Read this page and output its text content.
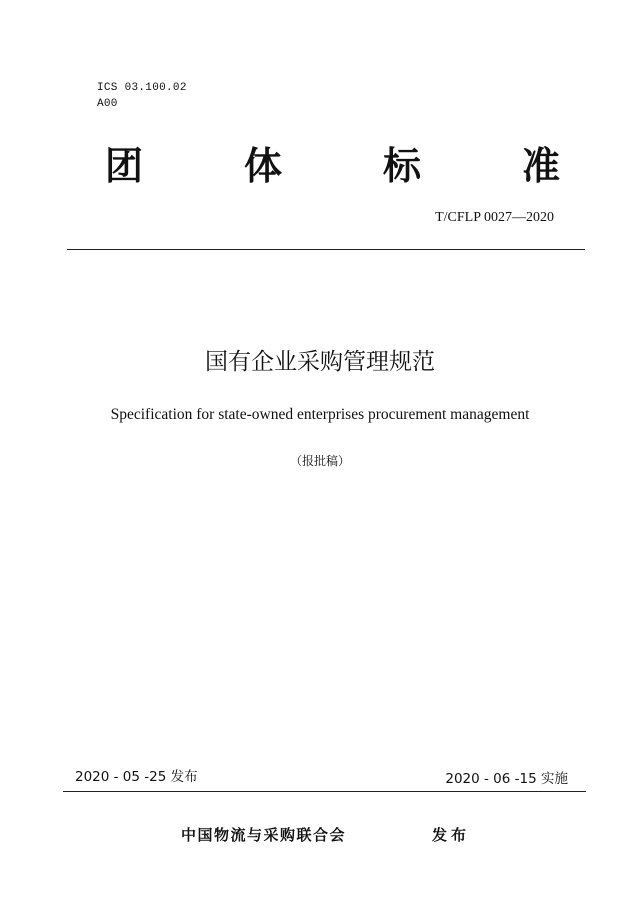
ICS 03.100.02
A00
团	体	标	准
T/CFLP 0027—2020
国有企业采购管理规范
Specification for state-owned enterprises procurement management
（报批稿）
2020 - 05 -25 发布	2020 - 06 -15 实施
中国物流与采购联合会	发布
